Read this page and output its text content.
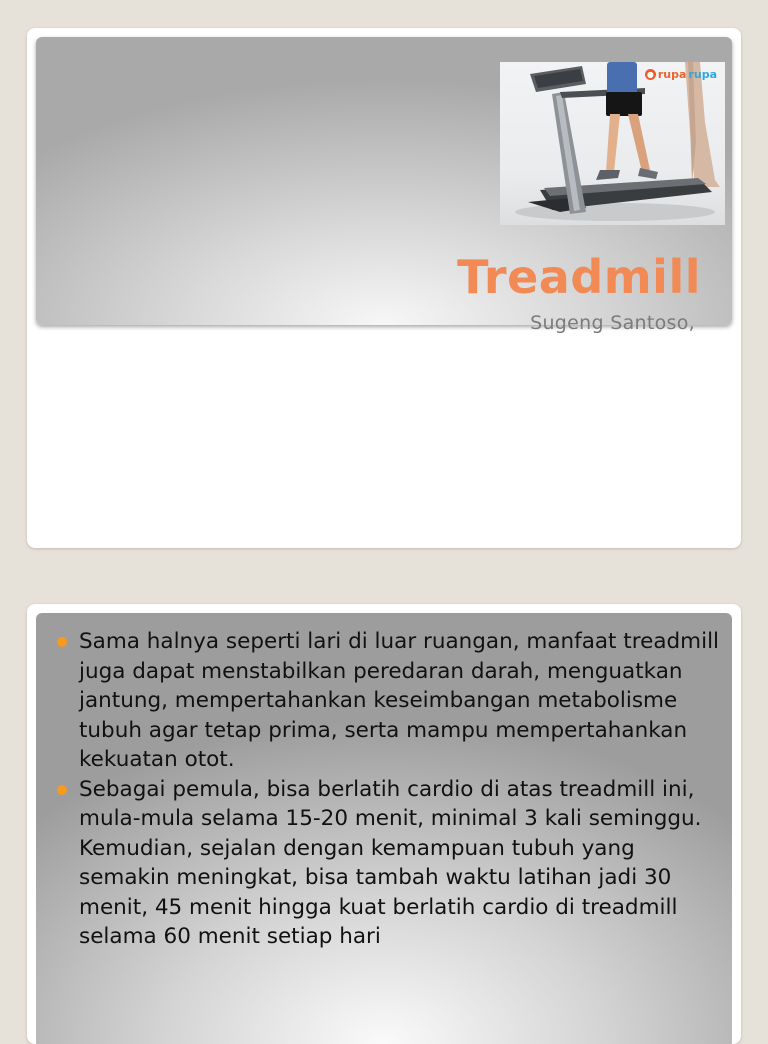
● rupa rupa
Treadmill
Sugeng Santoso,
Sama halnya seperti lari di luar ruangan, manfaat treadmill juga dapat menstabilkan peredaran darah, menguatkan jantung, mempertahankan keseimbangan metabolisme tubuh agar tetap prima, serta mampu mempertahankan kekuatan otot.
Sebagai pemula, bisa berlatih cardio di atas treadmill ini, mula-mula selama 15-20 menit, minimal 3 kali seminggu. Kemudian, sejalan dengan kemampuan tubuh yang semakin meningkat, bisa tambah waktu latihan jadi 30 menit, 45 menit hingga kuat berlatih cardio di treadmill selama 60 menit setiap hari
